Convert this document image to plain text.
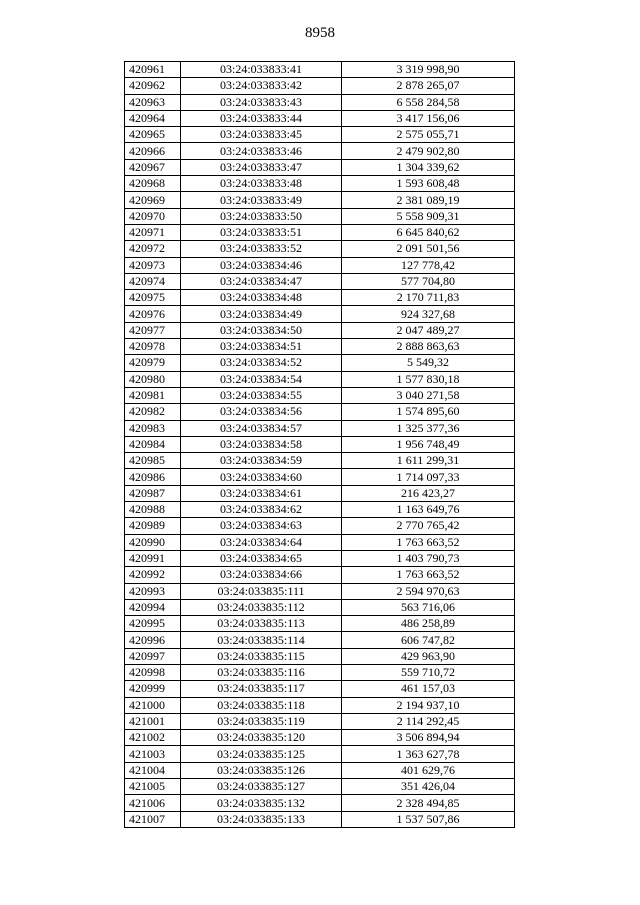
8958
420961	03:24:033833:41	3 319 998,90
420962	03:24:033833:42	2 878 265,07
420963	03:24:033833:43	6 558 284,58
420964	03:24:033833:44	3 417 156,06
420965	03:24:033833:45	2 575 055,71
420966	03:24:033833:46	2 479 902,80
420967	03:24:033833:47	1 304 339,62
420968	03:24:033833:48	1 593 608,48
420969	03:24:033833:49	2 381 089,19
420970	03:24:033833:50	5 558 909,31
420971	03:24:033833:51	6 645 840,62
420972	03:24:033833:52	2 091 501,56
420973	03:24:033834:46	127 778,42
420974	03:24:033834:47	577 704,80
420975	03:24:033834:48	2 170 711,83
420976	03:24:033834:49	924 327,68
420977	03:24:033834:50	2 047 489,27
420978	03:24:033834:51	2 888 863,63
420979	03:24:033834:52	5 549,32
420980	03:24:033834:54	1 577 830,18
420981	03:24:033834:55	3 040 271,58
420982	03:24:033834:56	1 574 895,60
420983	03:24:033834:57	1 325 377,36
420984	03:24:033834:58	1 956 748,49
420985	03:24:033834:59	1 611 299,31
420986	03:24:033834:60	1 714 097,33
420987	03:24:033834:61	216 423,27
420988	03:24:033834:62	1 163 649,76
420989	03:24:033834:63	2 770 765,42
420990	03:24:033834:64	1 763 663,52
420991	03:24:033834:65	1 403 790,73
420992	03:24:033834:66	1 763 663,52
420993	03:24:033835:111	2 594 970,63
420994	03:24:033835:112	563 716,06
420995	03:24:033835:113	486 258,89
420996	03:24:033835:114	606 747,82
420997	03:24:033835:115	429 963,90
420998	03:24:033835:116	559 710,72
420999	03:24:033835:117	461 157,03
421000	03:24:033835:118	2 194 937,10
421001	03:24:033835:119	2 114 292,45
421002	03:24:033835:120	3 506 894,94
421003	03:24:033835:125	1 363 627,78
421004	03:24:033835:126	401 629,76
421005	03:24:033835:127	351 426,04
421006	03:24:033835:132	2 328 494,85
421007	03:24:033835:133	1 537 507,86
